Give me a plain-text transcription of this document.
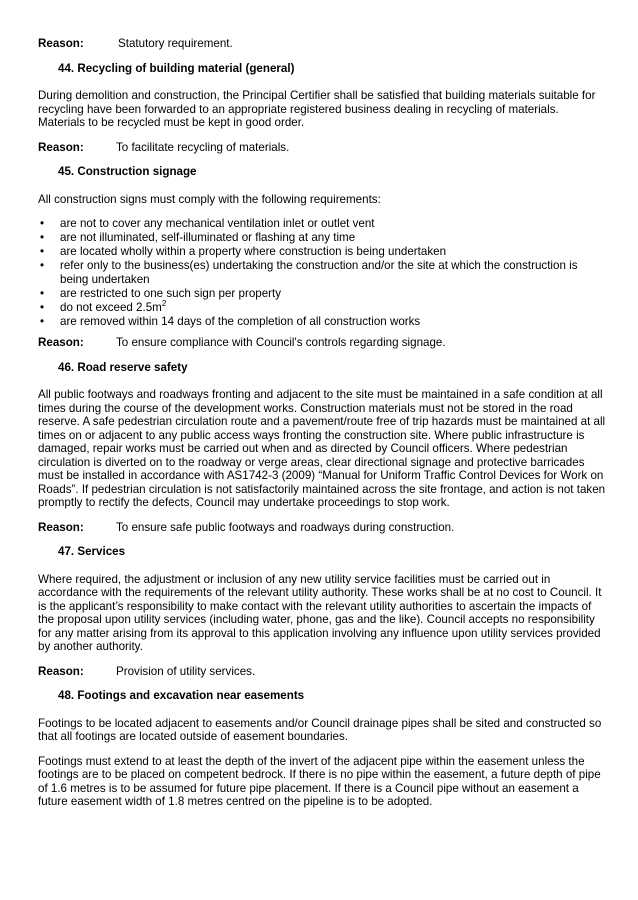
Reason:	Statutory requirement.
44. Recycling of building material (general)

During demolition and construction, the Principal Certifier shall be satisfied that building materials suitable for recycling have been forwarded to an appropriate registered business dealing in recycling of materials. Materials to be recycled must be kept in good order.

Reason:	To facilitate recycling of materials.
45. Construction signage

All construction signs must comply with the following requirements:

• are not to cover any mechanical ventilation inlet or outlet vent
• are not illuminated, self-illuminated or flashing at any time
• are located wholly within a property where construction is being undertaken
• refer only to the business(es) undertaking the construction and/or the site at which the construction is being undertaken
• are restricted to one such sign per property
• do not exceed $2.5m^2$
• are removed within 14 days of the completion of all construction works
Reason:	To ensure compliance with Council's controls regarding signage.
46. Road reserve safety

All public footways and roadways fronting and adjacent to the site must be maintained in a safe condition at all times during the course of the development works. Construction materials must not be stored in the road reserve. A safe pedestrian circulation route and a pavement/route free of trip hazards must be maintained at all times on or adjacent to any public access ways fronting the construction site. Where public infrastructure is damaged, repair works must be carried out when and as directed by Council officers. Where pedestrian circulation is diverted on to the roadway or verge areas, clear directional signage and protective barricades must be installed in accordance with AS1742-3 (2009) “Manual for Uniform Traffic Control Devices for Work on Roads”. If pedestrian circulation is not satisfactorily maintained across the site frontage, and action is not taken promptly to rectify the defects, Council may undertake proceedings to stop work.

Reason:	To ensure safe public footways and roadways during construction.
47. Services

Where required, the adjustment or inclusion of any new utility service facilities must be carried out in accordance with the requirements of the relevant utility authority. These works shall be at no cost to Council. It is the applicant’s responsibility to make contact with the relevant utility authorities to ascertain the impacts of the proposal upon utility services (including water, phone, gas and the like). Council accepts no responsibility for any matter arising from its approval to this application involving any influence upon utility services provided by another authority.

Reason:	Provision of utility services.
48. Footings and excavation near easements

Footings to be located adjacent to easements and/or Council drainage pipes shall be sited and constructed so that all footings are located outside of easement boundaries.

Footings must extend to at least the depth of the invert of the adjacent pipe within the easement unless the footings are to be placed on competent bedrock. If there is no pipe within the easement, a future depth of pipe of 1.6 metres is to be assumed for future pipe placement. If there is a Council pipe without an easement a future easement width of 1.8 metres centred on the pipeline is to be adopted.
